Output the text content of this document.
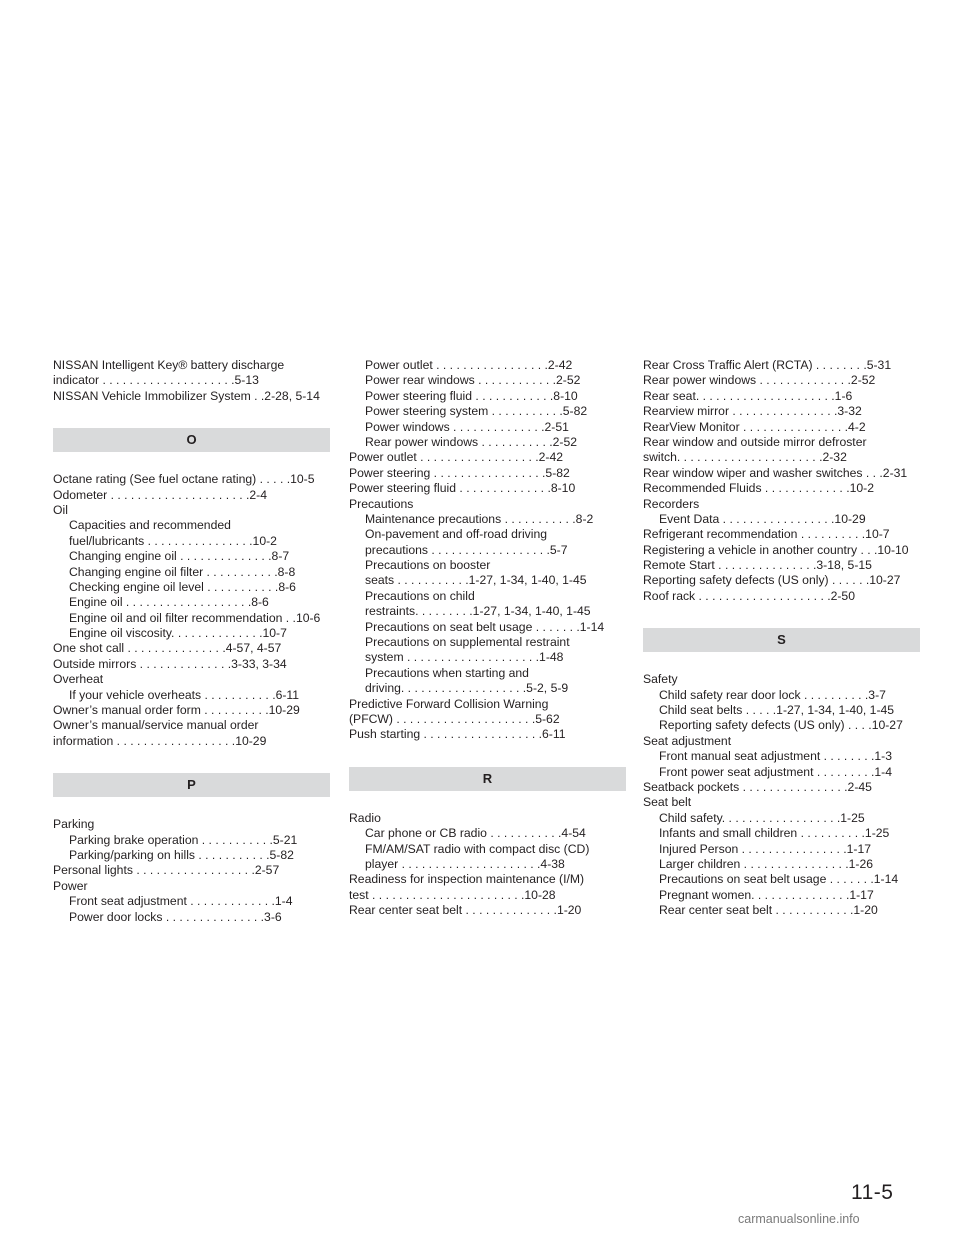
NISSAN Intelligent Key® battery discharge
indicator . . . . . . . . . . . . . . . . . . . .5-13
NISSAN Vehicle Immobilizer System . .2-28, 5-14
O
Octane rating (See fuel octane rating) . . . . .10-5
Odometer . . . . . . . . . . . . . . . . . . . . .2-4
Oil
Capacities and recommended
fuel/lubricants . . . . . . . . . . . . . . . .10-2
Changing engine oil . . . . . . . . . . . . . .8-7
Changing engine oil filter . . . . . . . . . . .8-8
Checking engine oil level . . . . . . . . . . .8-6
Engine oil . . . . . . . . . . . . . . . . . . .8-6
Engine oil and oil filter recommendation . .10-6
Engine oil viscosity. . . . . . . . . . . . . .10-7
One shot call . . . . . . . . . . . . . . .4-57, 4-57
Outside mirrors . . . . . . . . . . . . . .3-33, 3-34
Overheat
If your vehicle overheats . . . . . . . . . . .6-11
Owner’s manual order form . . . . . . . . . .10-29
Owner’s manual/service manual order
information . . . . . . . . . . . . . . . . . .10-29
P
Parking
Parking brake operation . . . . . . . . . . .5-21
Parking/parking on hills . . . . . . . . . . .5-82
Personal lights . . . . . . . . . . . . . . . . . .2-57
Power
Front seat adjustment . . . . . . . . . . . . .1-4
Power door locks . . . . . . . . . . . . . . .3-6
Power outlet . . . . . . . . . . . . . . . . .2-42
Power rear windows . . . . . . . . . . . .2-52
Power steering fluid . . . . . . . . . . . .8-10
Power steering system . . . . . . . . . . .5-82
Power windows . . . . . . . . . . . . . .2-51
Rear power windows . . . . . . . . . . .2-52
Power outlet . . . . . . . . . . . . . . . . . .2-42
Power steering . . . . . . . . . . . . . . . . .5-82
Power steering fluid . . . . . . . . . . . . . .8-10
Precautions
Maintenance precautions . . . . . . . . . . .8-2
On-pavement and off-road driving
precautions . . . . . . . . . . . . . . . . . .5-7
Precautions on booster
seats . . . . . . . . . . .1-27, 1-34, 1-40, 1-45
Precautions on child
restraints. . . . . . . . .1-27, 1-34, 1-40, 1-45
Precautions on seat belt usage . . . . . . .1-14
Precautions on supplemental restraint
system . . . . . . . . . . . . . . . . . . . .1-48
Precautions when starting and
driving. . . . . . . . . . . . . . . . . . .5-2, 5-9
Predictive Forward Collision Warning
(PFCW) . . . . . . . . . . . . . . . . . . . . .5-62
Push starting . . . . . . . . . . . . . . . . . .6-11
R
Radio
Car phone or CB radio . . . . . . . . . . .4-54
FM/AM/SAT radio with compact disc (CD)
player . . . . . . . . . . . . . . . . . . . . .4-38
Readiness for inspection maintenance (I/M)
test . . . . . . . . . . . . . . . . . . . . . . .10-28
Rear center seat belt . . . . . . . . . . . . . .1-20
Rear Cross Traffic Alert (RCTA) . . . . . . . .5-31
Rear power windows . . . . . . . . . . . . . .2-52
Rear seat. . . . . . . . . . . . . . . . . . . . .1-6
Rearview mirror . . . . . . . . . . . . . . . .3-32
RearView Monitor . . . . . . . . . . . . . . . .4-2
Rear window and outside mirror defroster
switch. . . . . . . . . . . . . . . . . . . . . .2-32
Rear window wiper and washer switches . . .2-31
Recommended Fluids . . . . . . . . . . . . .10-2
Recorders
Event Data . . . . . . . . . . . . . . . . .10-29
Refrigerant recommendation . . . . . . . . . .10-7
Registering a vehicle in another country . . .10-10
Remote Start . . . . . . . . . . . . . . .3-18, 5-15
Reporting safety defects (US only) . . . . . .10-27
Roof rack . . . . . . . . . . . . . . . . . . . .2-50
S
Safety
Child safety rear door lock . . . . . . . . . .3-7
Child seat belts . . . . .1-27, 1-34, 1-40, 1-45
Reporting safety defects (US only) . . . .10-27
Seat adjustment
Front manual seat adjustment . . . . . . . .1-3
Front power seat adjustment . . . . . . . . .1-4
Seatback pockets . . . . . . . . . . . . . . . .2-45
Seat belt
Child safety. . . . . . . . . . . . . . . . . .1-25
Infants and small children . . . . . . . . . .1-25
Injured Person . . . . . . . . . . . . . . . .1-17
Larger children . . . . . . . . . . . . . . . .1-26
Precautions on seat belt usage . . . . . . .1-14
Pregnant women. . . . . . . . . . . . . . .1-17
Rear center seat belt . . . . . . . . . . . .1-20
11-5
carmanualsonline.info
